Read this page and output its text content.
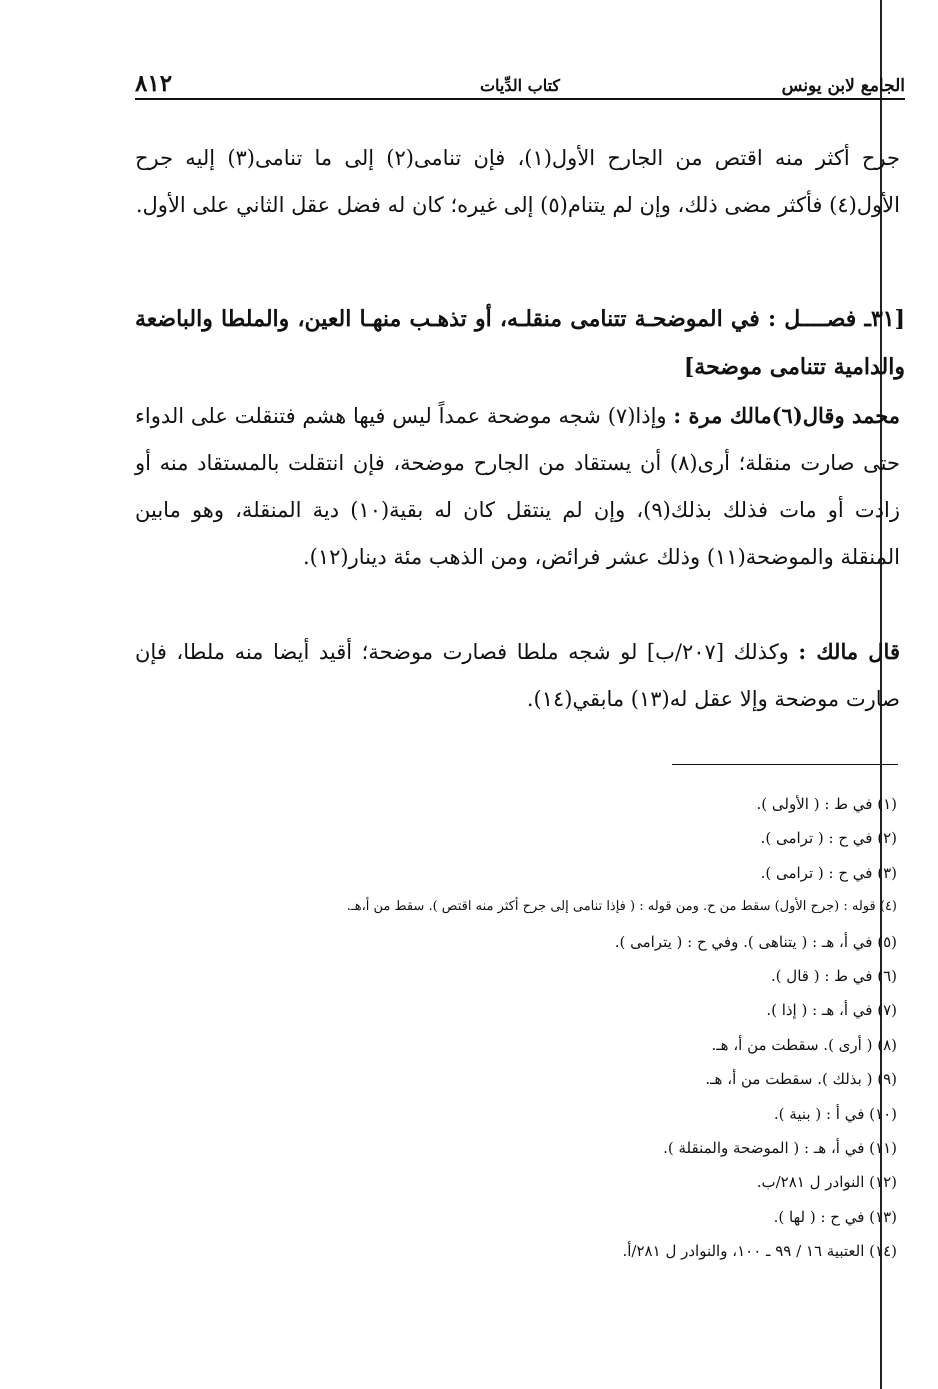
الجامع لابن يونس
كتاب الدِّيات
٨١٢

جرح أكثر منه اقتص من الجارح الأول(١)، فإن تنامى(٢) إلى ما تنامى(٣) إليه جرح الأول(٤) فأكثر مضى ذلك، وإن لم يتنام(٥) إلى غيره؛ كان له فضل عقل الثاني على الأول.

[٣١ـ فصــــل : في الموضحـة تتنامى منقلـه، أو تذهـب منهـا العين، والملطا والباضعة والدامية تتنامى موضحة]

محمد وقال(٦)مالك مرة : وإذا(٧) شجه موضحة عمداً ليس فيها هشم فتنقلت على الدواء حتى صارت منقلة؛ أرى(٨) أن يستقاد من الجارح موضحة، فإن انتقلت بالمستقاد منه أو زادت أو مات فذلك بذلك(٩)، وإن لم ينتقل كان له بقية(١٠) دية المنقلة، وهو مابين المنقلة والموضحة(١١) وذلك عشر فرائض، ومن الذهب مئة دينار(١٢).

قال مالك : وكذلك [٢٠٧/ب] لو شجه ملطا فصارت موضحة؛ أقيد أيضا منه ملطا، فإن صارت موضحة وإلا عقل له(١٣) مابقي(١٤).

(١) في ط : ( الأولى ).
(٢) في ح : ( ترامى ).
(٣) في ح : ( ترامى ).
(٤) قوله : (جرح الأول) سقط من ح. ومن قوله : ( فإذا تنامى إلى جرح أكثر منه اقتص ). سقط من أ،هـ.
(٥) في أ، هـ : ( يتناهى ). وفي ح : ( يترامى ).
(٦) في ط : ( قال ).
(٧) في أ، هـ : ( إذا ).
(٨) ( أرى ). سقطت من أ، هـ.
(٩) ( بذلك ). سقطت من أ، هـ.
(١٠) في أ : ( بنية ).
(١١) في أ، هـ : ( الموضحة والمنقلة ).
(١٢) النوادر ل ٢٨١/ب.
(١٣) في ح : ( لها ).
(١٤) العتبية ١٦ / ٩٩ ـ ١٠٠، والنوادر ل ٢٨١/أ.
